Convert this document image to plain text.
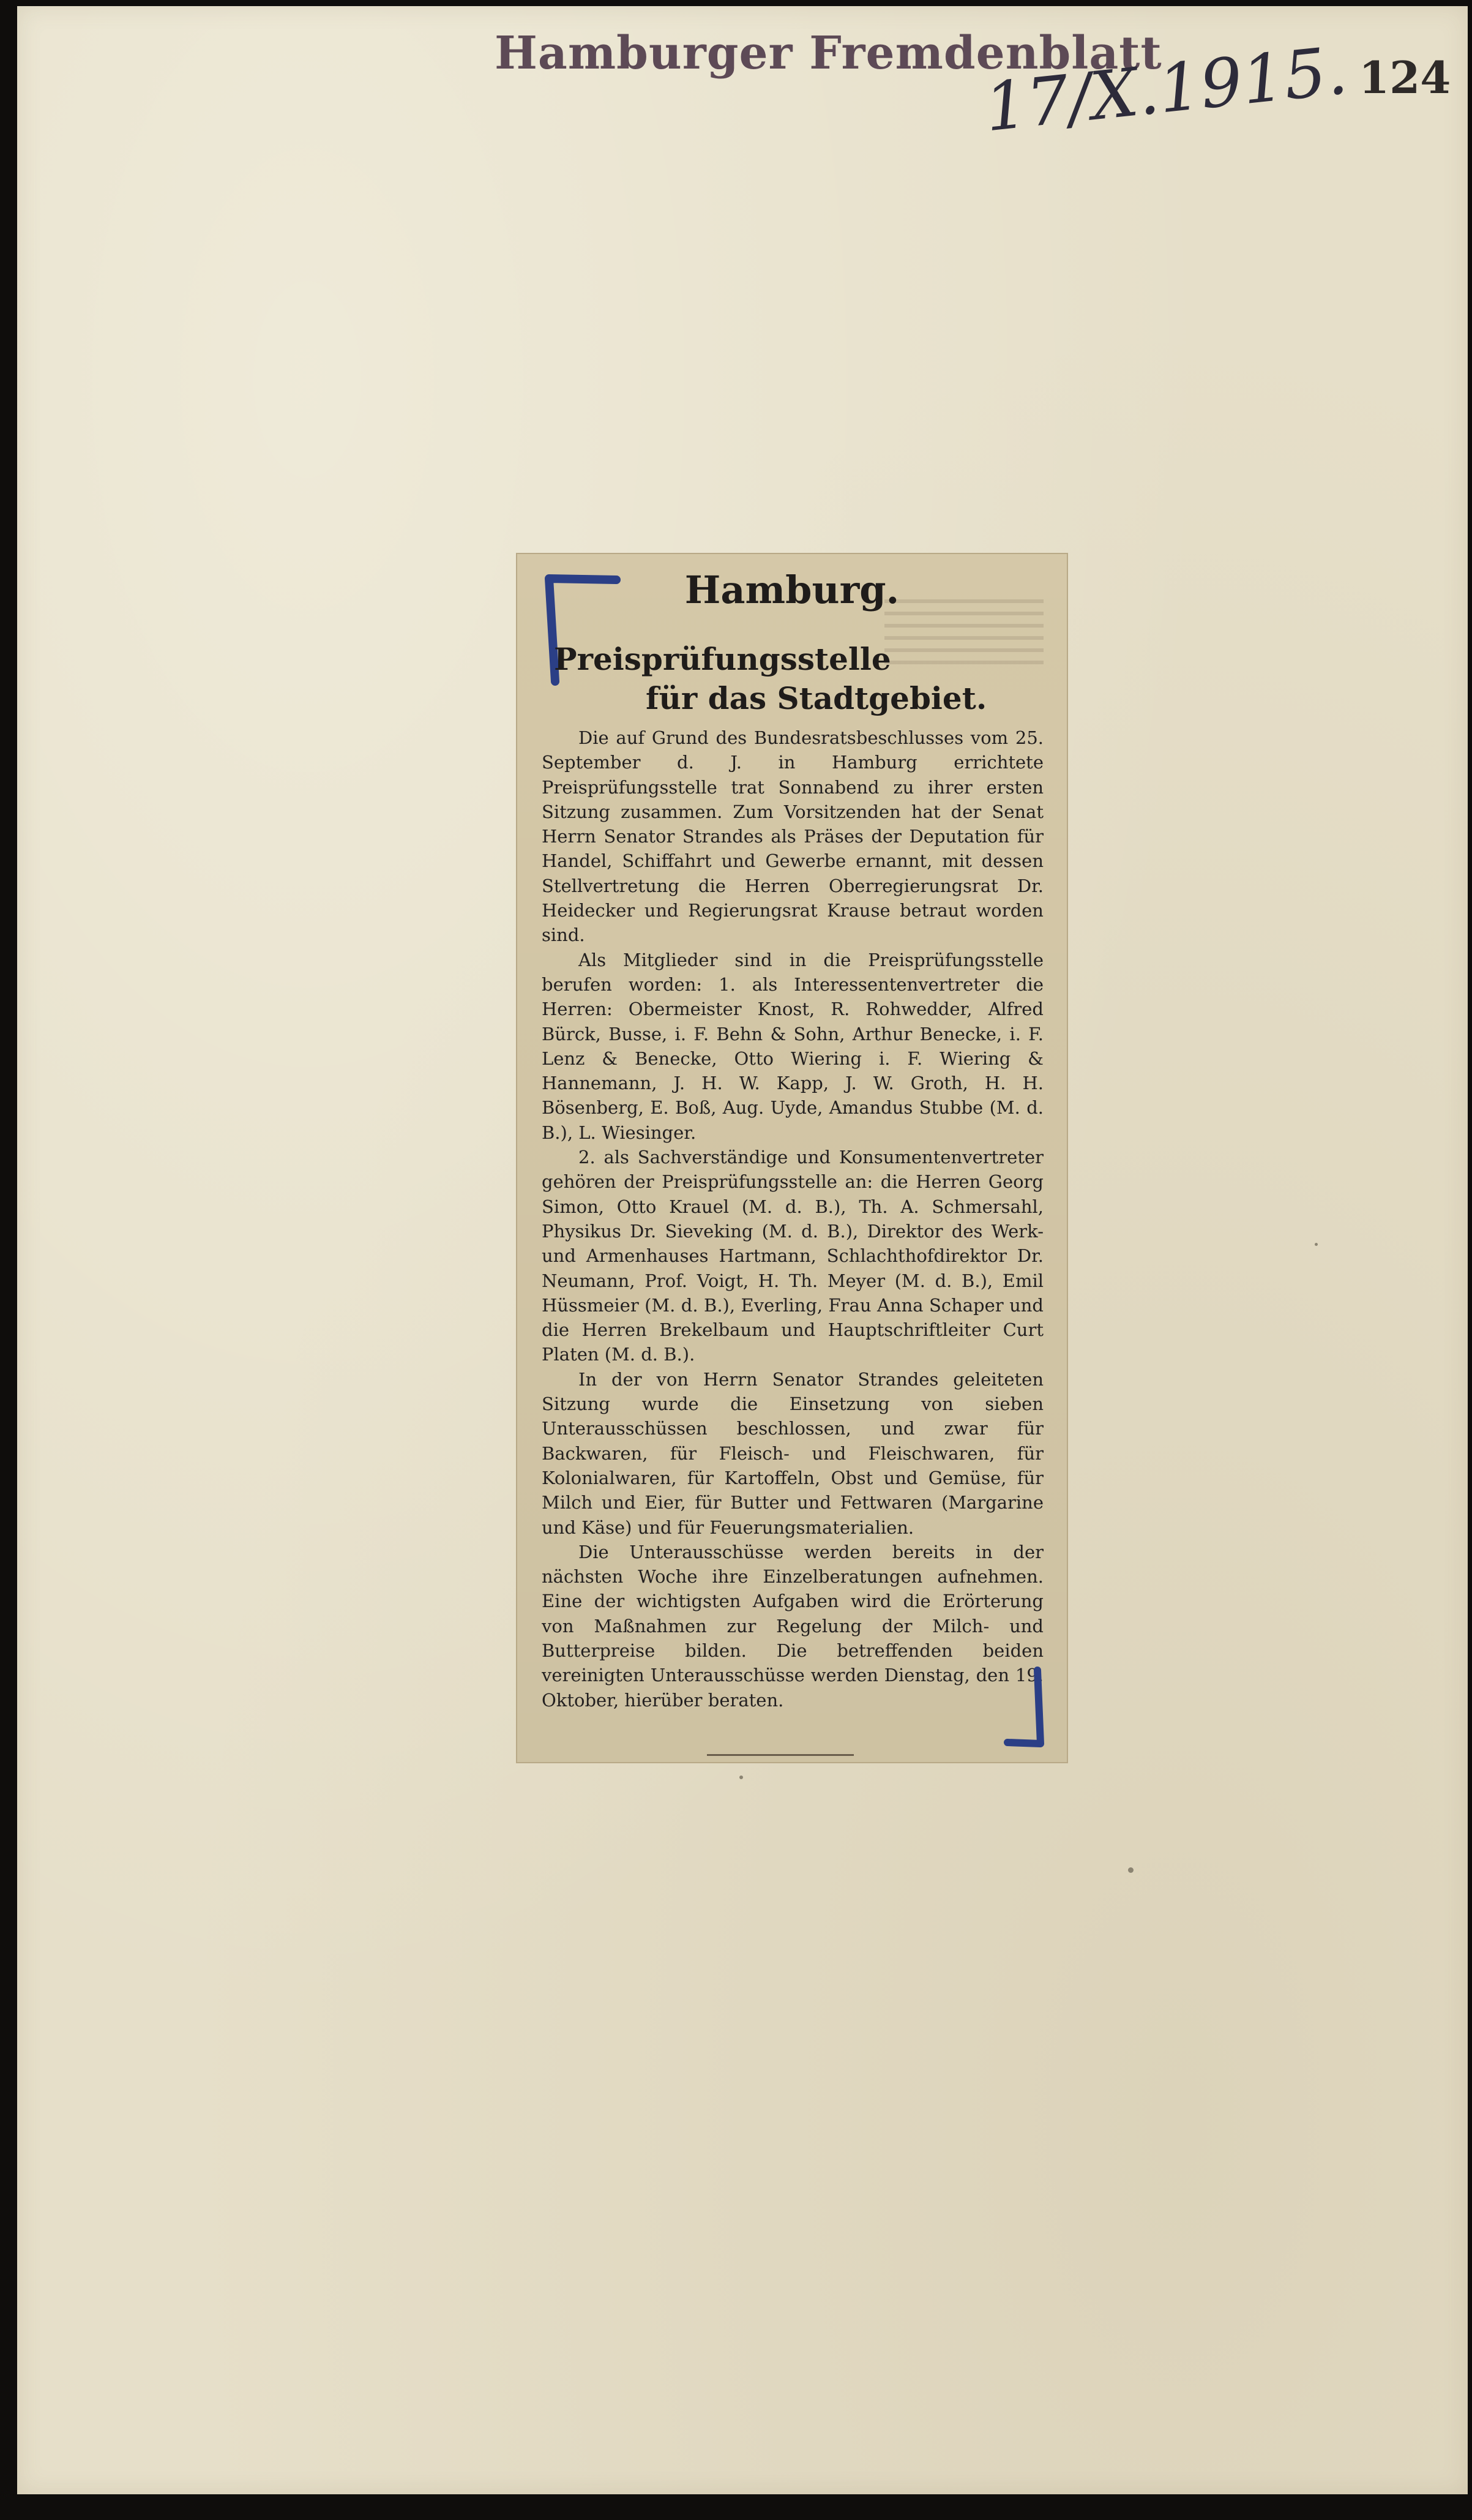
Hamburger Fremdenblatt	124
17/X.1915.
Hamburg.
Preisprüfungsstelle
für das Stadtgebiet.

Die auf Grund des Bundesratsbeschlusses vom 25. September d. J. in Hamburg errichtete Preisprüfungsstelle trat Sonnabend zu ihrer ersten Sitzung zusammen. Zum Vorsitzenden hat der Senat Herrn Senator Strandes als Präses der Deputation für Handel, Schiffahrt und Gewerbe ernannt, mit dessen Stellvertretung die Herren Oberregierungsrat Dr. Heidecker und Regierungsrat Krause betraut worden sind.

Als Mitglieder sind in die Preisprüfungsstelle berufen worden: 1. als Interessentenvertreter die Herren: Obermeister Knost, R. Rohwedder, Alfred Bürck, Busse, i. F. Behn & Sohn, Arthur Benecke, i. F. Lenz & Benecke, Otto Wiering i. F. Wiering & Hannemann, J. H. W. Kapp, J. W. Groth, H. H. Bösenberg, E. Boß, Aug. Uyde, Amandus Stubbe (M. d. B.), L. Wiesinger.

2. als Sachverständige und Konsumentenvertreter gehören der Preisprüfungsstelle an: die Herren Georg Simon, Otto Krauel (M. d. B.), Th. A. Schmersahl, Physikus Dr. Sieveking (M. d. B.), Direktor des Werk- und Armenhauses Hartmann, Schlachthofdirektor Dr. Neumann, Prof. Voigt, H. Th. Meyer (M. d. B.), Emil Hüssmeier (M. d. B.), Everling, Frau Anna Schaper und die Herren Brekelbaum und Hauptschriftleiter Curt Platen (M. d. B.).

In der von Herrn Senator Strandes geleiteten Sitzung wurde die Einsetzung von sieben Unterausschüssen beschlossen, und zwar für Backwaren, für Fleisch- und Fleischwaren, für Kolonialwaren, für Kartoffeln, Obst und Gemüse, für Milch und Eier, für Butter und Fettwaren (Margarine und Käse) und für Feuerungsmaterialien.

Die Unterausschüsse werden bereits in der nächsten Woche ihre Einzelberatungen aufnehmen. Eine der wichtigsten Aufgaben wird die Erörterung von Maßnahmen zur Regelung der Milch- und Butterpreise bilden. Die betreffenden beiden vereinigten Unterausschüsse werden Dienstag, den 19. Oktober, hierüber beraten.
